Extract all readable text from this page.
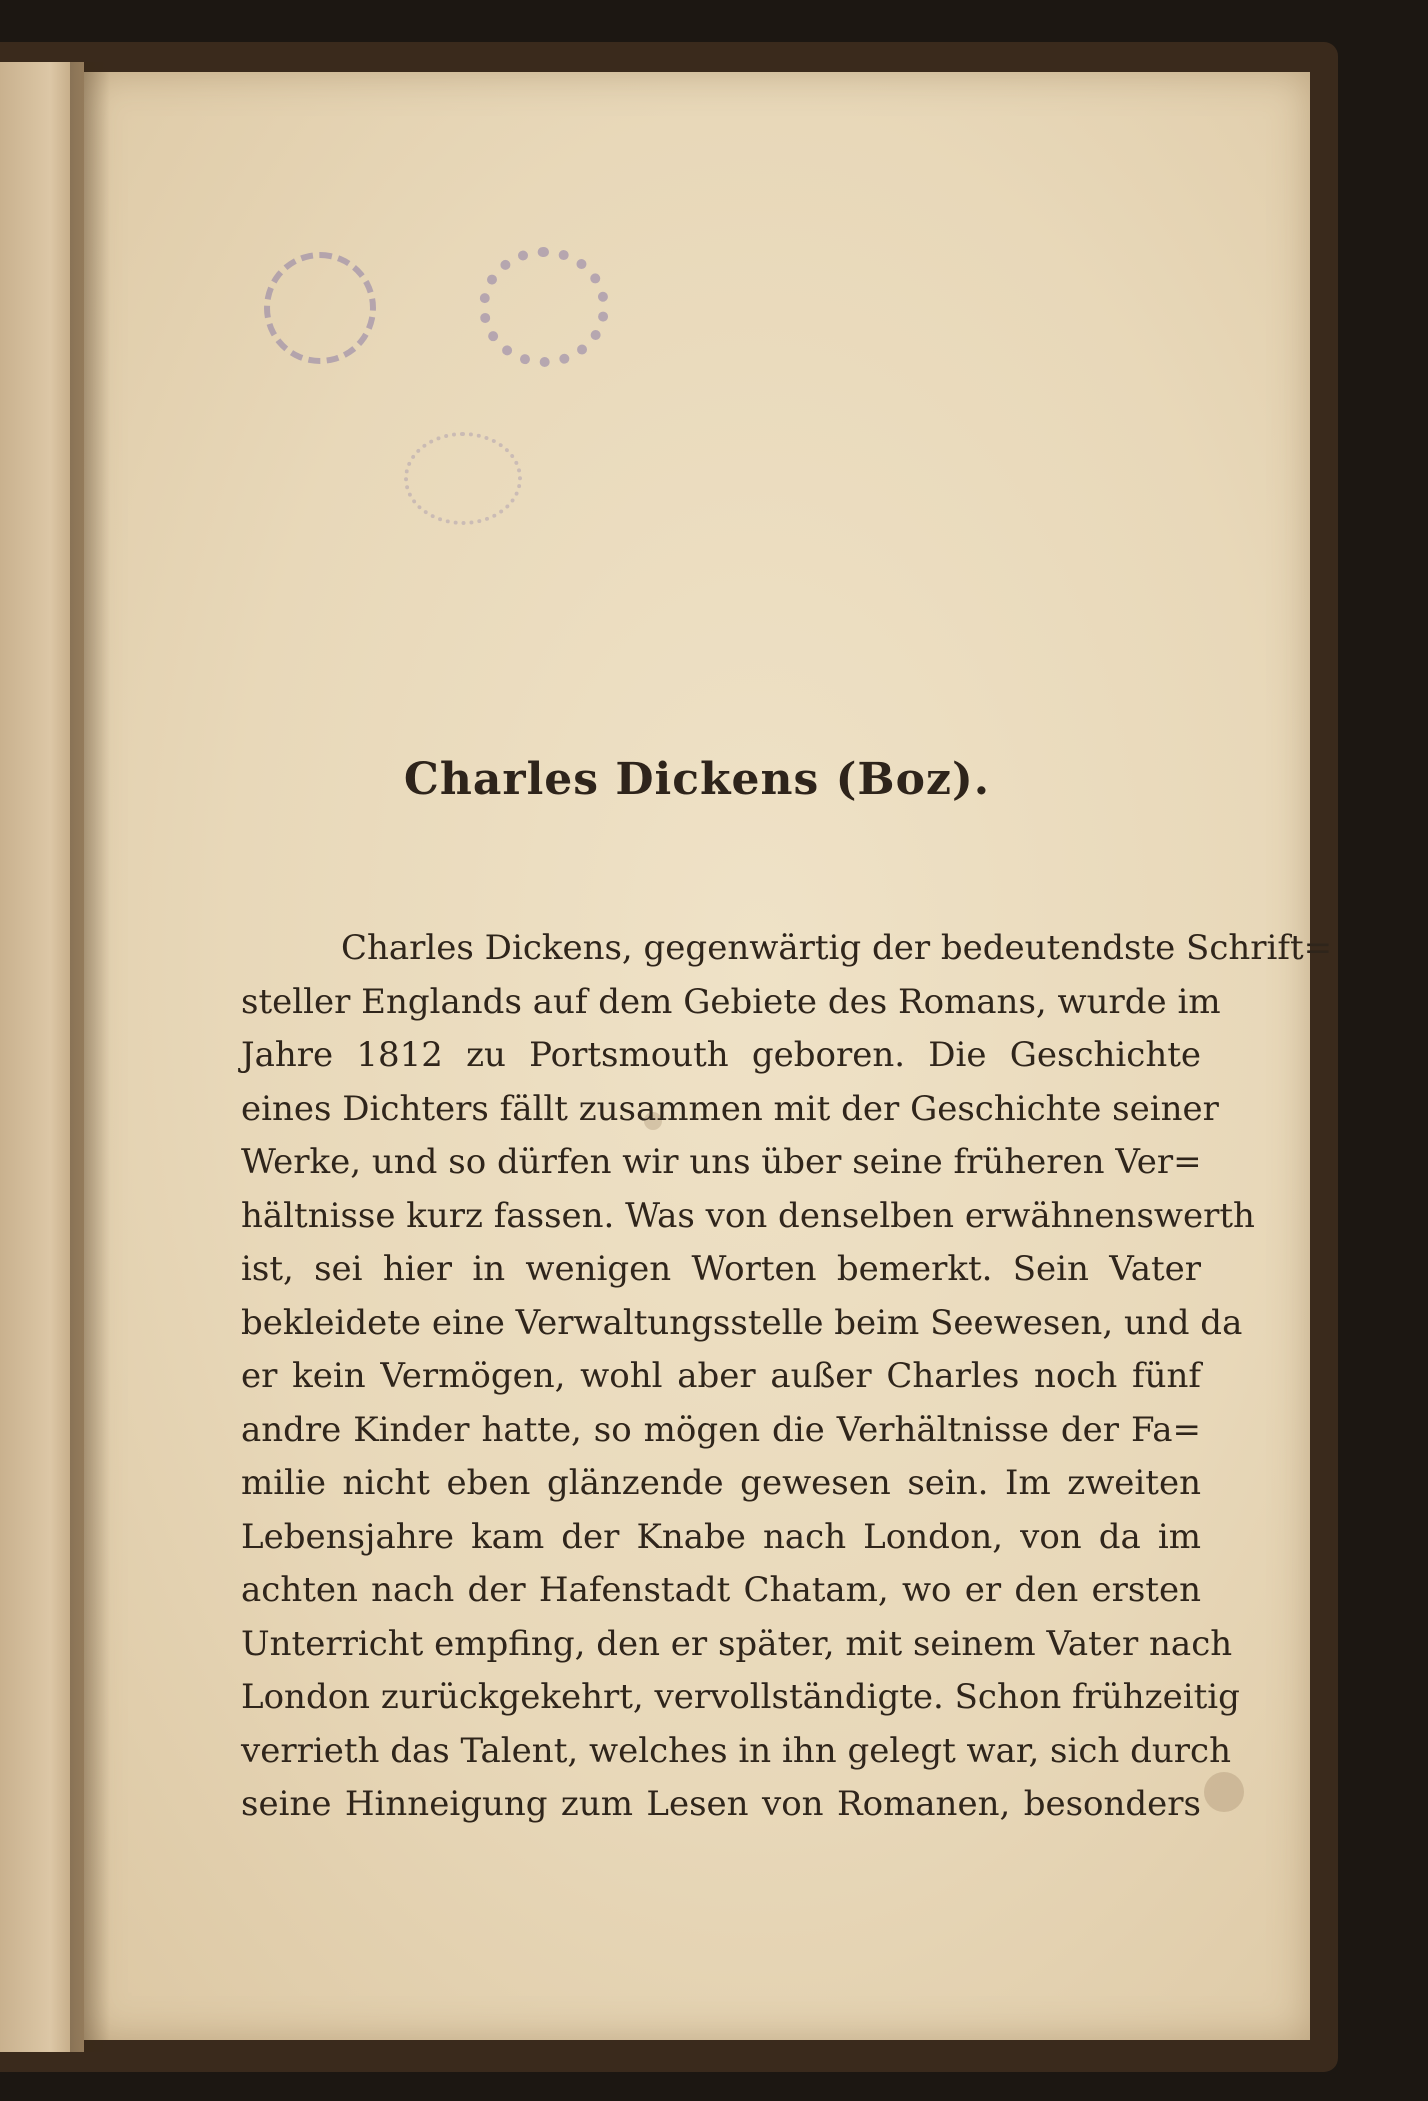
Charles Dickens (Boz).
Charles Dickens, gegenwärtig der bedeutendste Schrift=
steller Englands auf dem Gebiete des Romans, wurde im
Jahre 1812 zu Portsmouth geboren. Die Geschichte
eines Dichters fällt zusammen mit der Geschichte seiner
Werke, und so dürfen wir uns über seine früheren Ver=
hältnisse kurz fassen. Was von denselben erwähnenswerth
ist, sei hier in wenigen Worten bemerkt. Sein Vater
bekleidete eine Verwaltungsstelle beim Seewesen, und da
er kein Vermögen, wohl aber außer Charles noch fünf
andre Kinder hatte, so mögen die Verhältnisse der Fa=
milie nicht eben glänzende gewesen sein. Im zweiten
Lebensjahre kam der Knabe nach London, von da im
achten nach der Hafenstadt Chatam, wo er den ersten
Unterricht empfing, den er später, mit seinem Vater nach
London zurückgekehrt, vervollständigte. Schon frühzeitig
verrieth das Talent, welches in ihn gelegt war, sich durch
seine Hinneigung zum Lesen von Romanen, besonders
